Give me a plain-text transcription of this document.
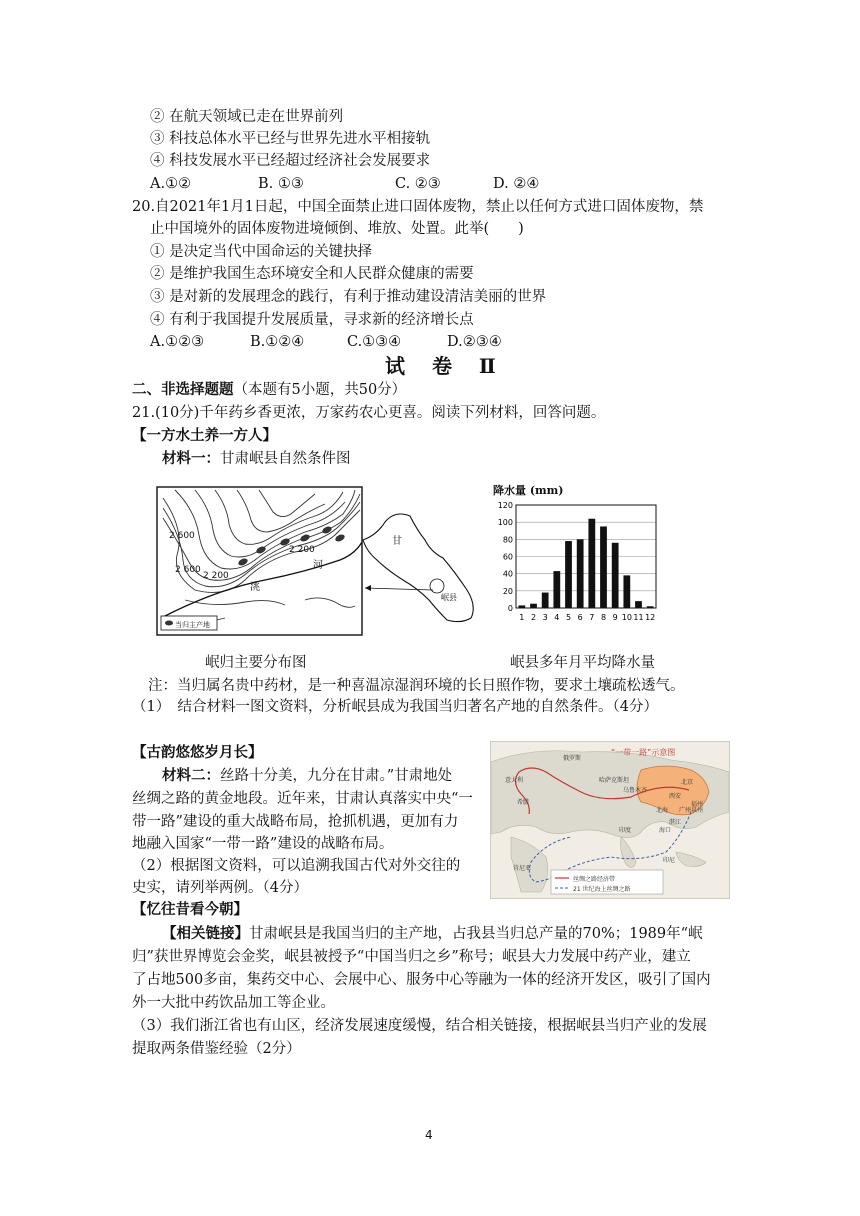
② 在航天领域已走在世界前列
③ 科技总体水平已经与世界先进水平相接轨
④ 科技发展水平已经超过经济社会发展要求
A.①②	B. ①③	C. ②③	D. ②④
20.自2021年1月1日起，中国全面禁止进口固体废物，禁止以任何方式进口固体废物，禁
止中国境外的固体废物进境倾倒、堆放、处置。此举(　　)
① 是决定当代中国命运的关键抉择
② 是维护我国生态环境安全和人民群众健康的需要
③ 是对新的发展理念的践行，有利于推动建设清洁美丽的世界
④ 有利于我国提升发展质量，寻求新的经济增长点
A.①②③	B.①②④	C.①③④	D.②③④
试 卷 Ⅱ
二、非选择题题（本题有5小题，共50分）
21.(10分)千年药乡香更浓，万家药农心更喜。阅读下列材料，回答问题。
【一方水土养一方人】
材料一：甘肃岷县自然条件图
2 600
2 600
2 200
2 200
河
洮
当归主产地
甘
岷县
岷归主要分布图
降水量 (mm)
0
20
40
60
80
100
120
1 2 3 4 5 6 7 8 9 10 11 12
岷县多年月平均降水量
注：当归属名贵中药材，是一种喜温凉湿润环境的长日照作物，要求土壤疏松透气。
（1）　结合材料一图文资料，分析岷县成为我国当归著名产地的自然条件。（4分）
【古韵悠悠岁月长】
材料二：丝路十分美，九分在甘肃。”甘肃地处
丝绸之路的黄金地段。近年来，甘肃认真落实中央“一
带一路”建设的重大战略布局，抢抓机遇，更加有力
地融入国家“一带一路”建设的战略布局。
（2）根据图文资料，可以追溯我国古代对外交往的
史实，请列举两例。（4分）
“一带一路”示意图
俄罗斯
哈萨克斯坦
乌鲁木齐
北京
西安
福州
泉州
广州
北海
湛江
海口
意大利
希腊
印度
肯尼亚
印尼
丝绸之路经济带
21 世纪海上丝绸之路
【忆往昔看今朝】
【相关链接】甘肃岷县是我国当归的主产地，占我县当归总产量的70%；1989年“岷
归”获世界博览会金奖，岷县被授予“中国当归之乡”称号；岷县大力发展中药产业，建立
了占地500多亩，集药交中心、会展中心、服务中心等融为一体的经济开发区，吸引了国内
外一大批中药饮品加工等企业。
（3）我们浙江省也有山区，经济发展速度缓慢，结合相关链接，根据岷县当归产业的发展
提取两条借鉴经验（2分）
4
